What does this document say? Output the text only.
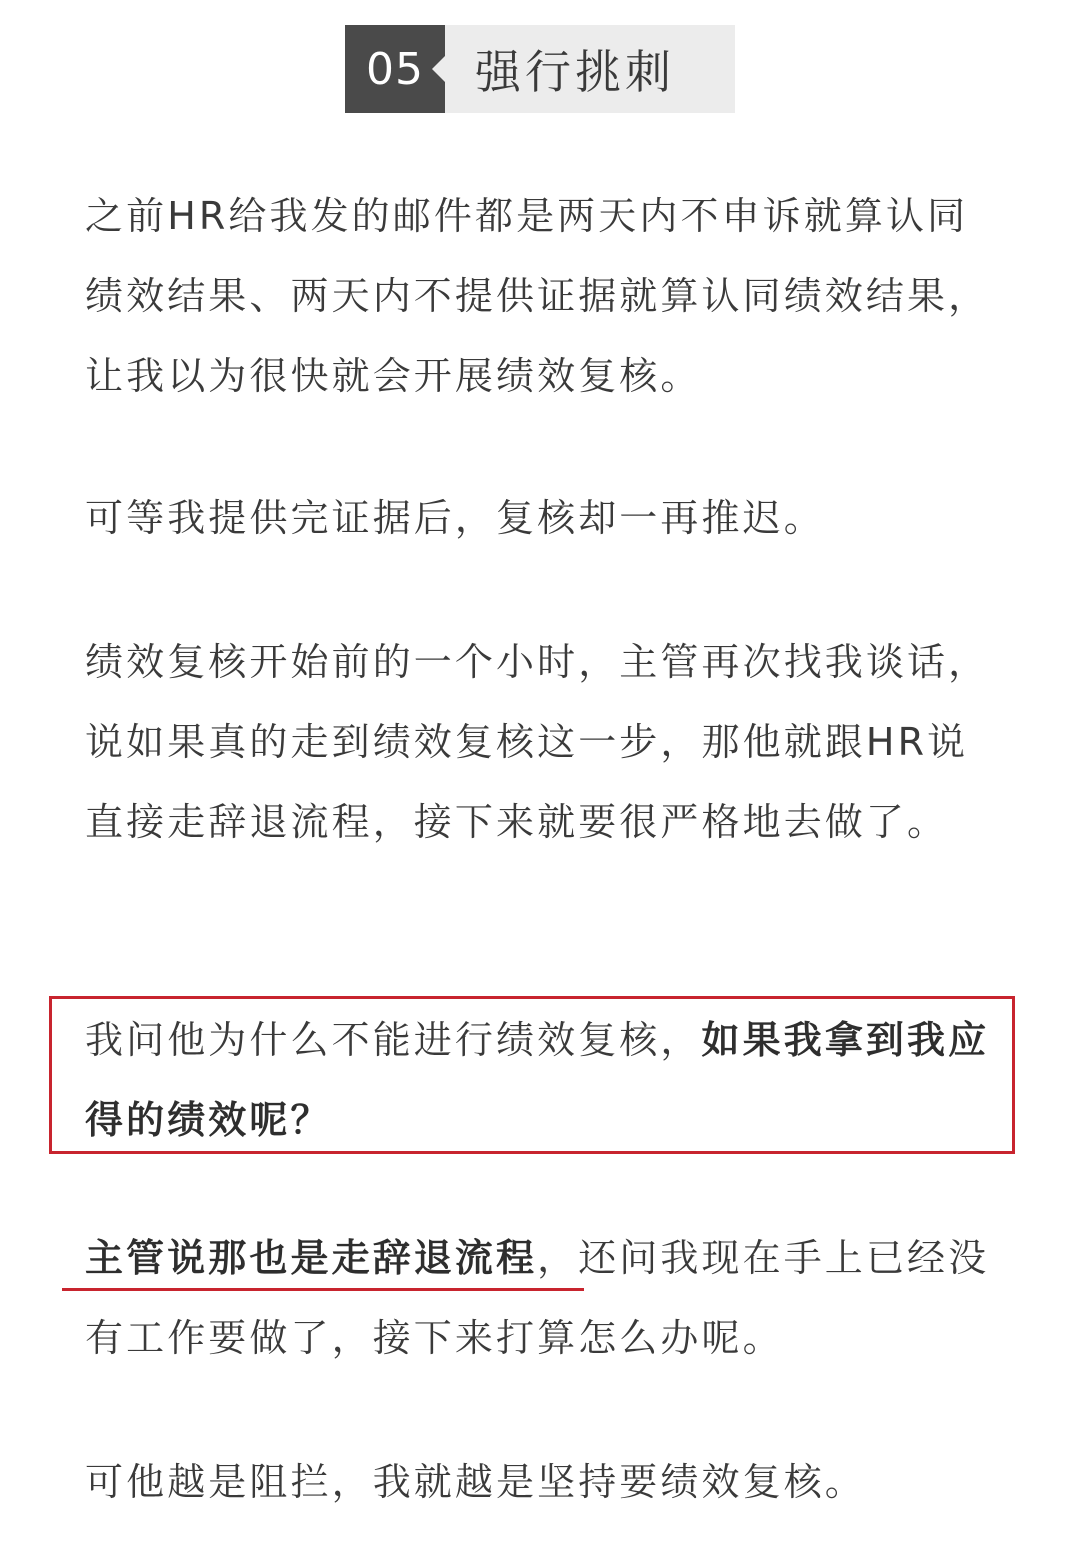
05	强行挑刺

之前HR给我发的邮件都是两天内不申诉就算认同绩效结果、两天内不提供证据就算认同绩效结果，让我以为很快就会开展绩效复核。

可等我提供完证据后，复核却一再推迟。

绩效复核开始前的一个小时，主管再次找我谈话，说如果真的走到绩效复核这一步，那他就跟HR说直接走辞退流程，接下来就要很严格地去做了。

我问他为什么不能进行绩效复核，如果我拿到我应得的绩效呢？

主管说那也是走辞退流程，还问我现在手上已经没有工作要做了，接下来打算怎么办呢。

可他越是阻拦，我就越是坚持要绩效复核。
